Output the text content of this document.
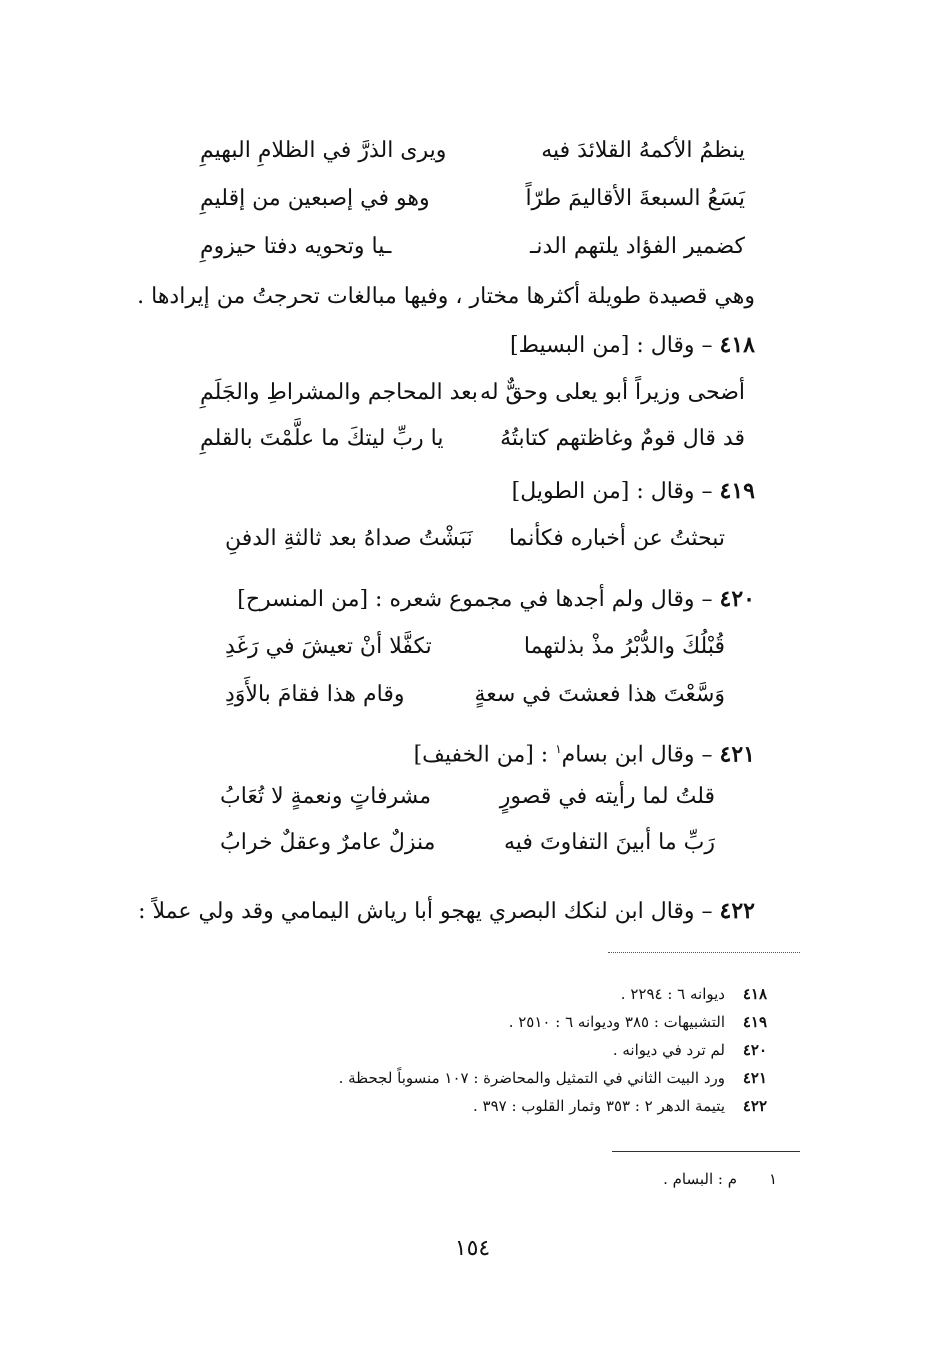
ينظمُ الأكمهُ القلائدَ فيه
ويرى الذرَّ في الظلامِ البهيمِ
يَسَعُ السبعةَ الأقاليمَ طرّاً
وهو في إصبعين من إقليمِ
كضمير الفؤاد يلتهم الدنـ
ـيا وتحويه دفتا حيزومِ
وهي قصيدة طويلة أكثرها مختار ، وفيها مبالغات تحرجتُ من إيرادها .
٤١٨ – وقال : [من البسيط]
أضحى وزيراً أبو يعلى وحقٌّ له
بعد المحاجم والمشراطِ والجَلَمِ
قد قال قومٌ وغاظتهم كتابتُهُ
يا ربِّ ليتكَ ما علَّمْتَ بالقلمِ
٤١٩ – وقال : [من الطويل]
تبحثتُ عن أخباره فكأنما
نَبَشْتُ صداهُ بعد ثالثةِ الدفنِ
٤٢٠ – وقال ولم أجدها في مجموع شعره : [من المنسرح]
قُبْلُكَ والدُّبْرُ مذْ بذلتهما
تكفَّلا أنْ تعيشَ في رَغَدِ
وَسَّعْتَ هذا فعشتَ في سعةٍ
وقام هذا فقامَ بالأَوَدِ
٤٢١ – وقال ابن بسام$^١$ : [من الخفيف]
قلتُ لما رأيته في قصورٍ
مشرفاتٍ ونعمةٍ لا تُعَابُ
رَبِّ ما أبينَ التفاوتَ فيه
منزلٌ عامرٌ وعقلٌ خرابُ
٤٢٢ – وقال ابن لنكك البصري يهجو أبا رياش اليمامي وقد ولي عملاً :
٤١٨ديوانه ٦ : ٢٢٩٤ .
٤١٩التشبيهات : ٣٨٥ وديوانه ٦ : ٢٥١٠ .
٤٢٠لم ترد في ديوانه .
٤٢١ورد البيت الثاني في التمثيل والمحاضرة : ١٠٧ منسوباً لجحظة .
٤٢٢يتيمة الدهر ٢ : ٣٥٣ وثمار القلوب : ٣٩٧ .
١م : البسام .
١٥٤
